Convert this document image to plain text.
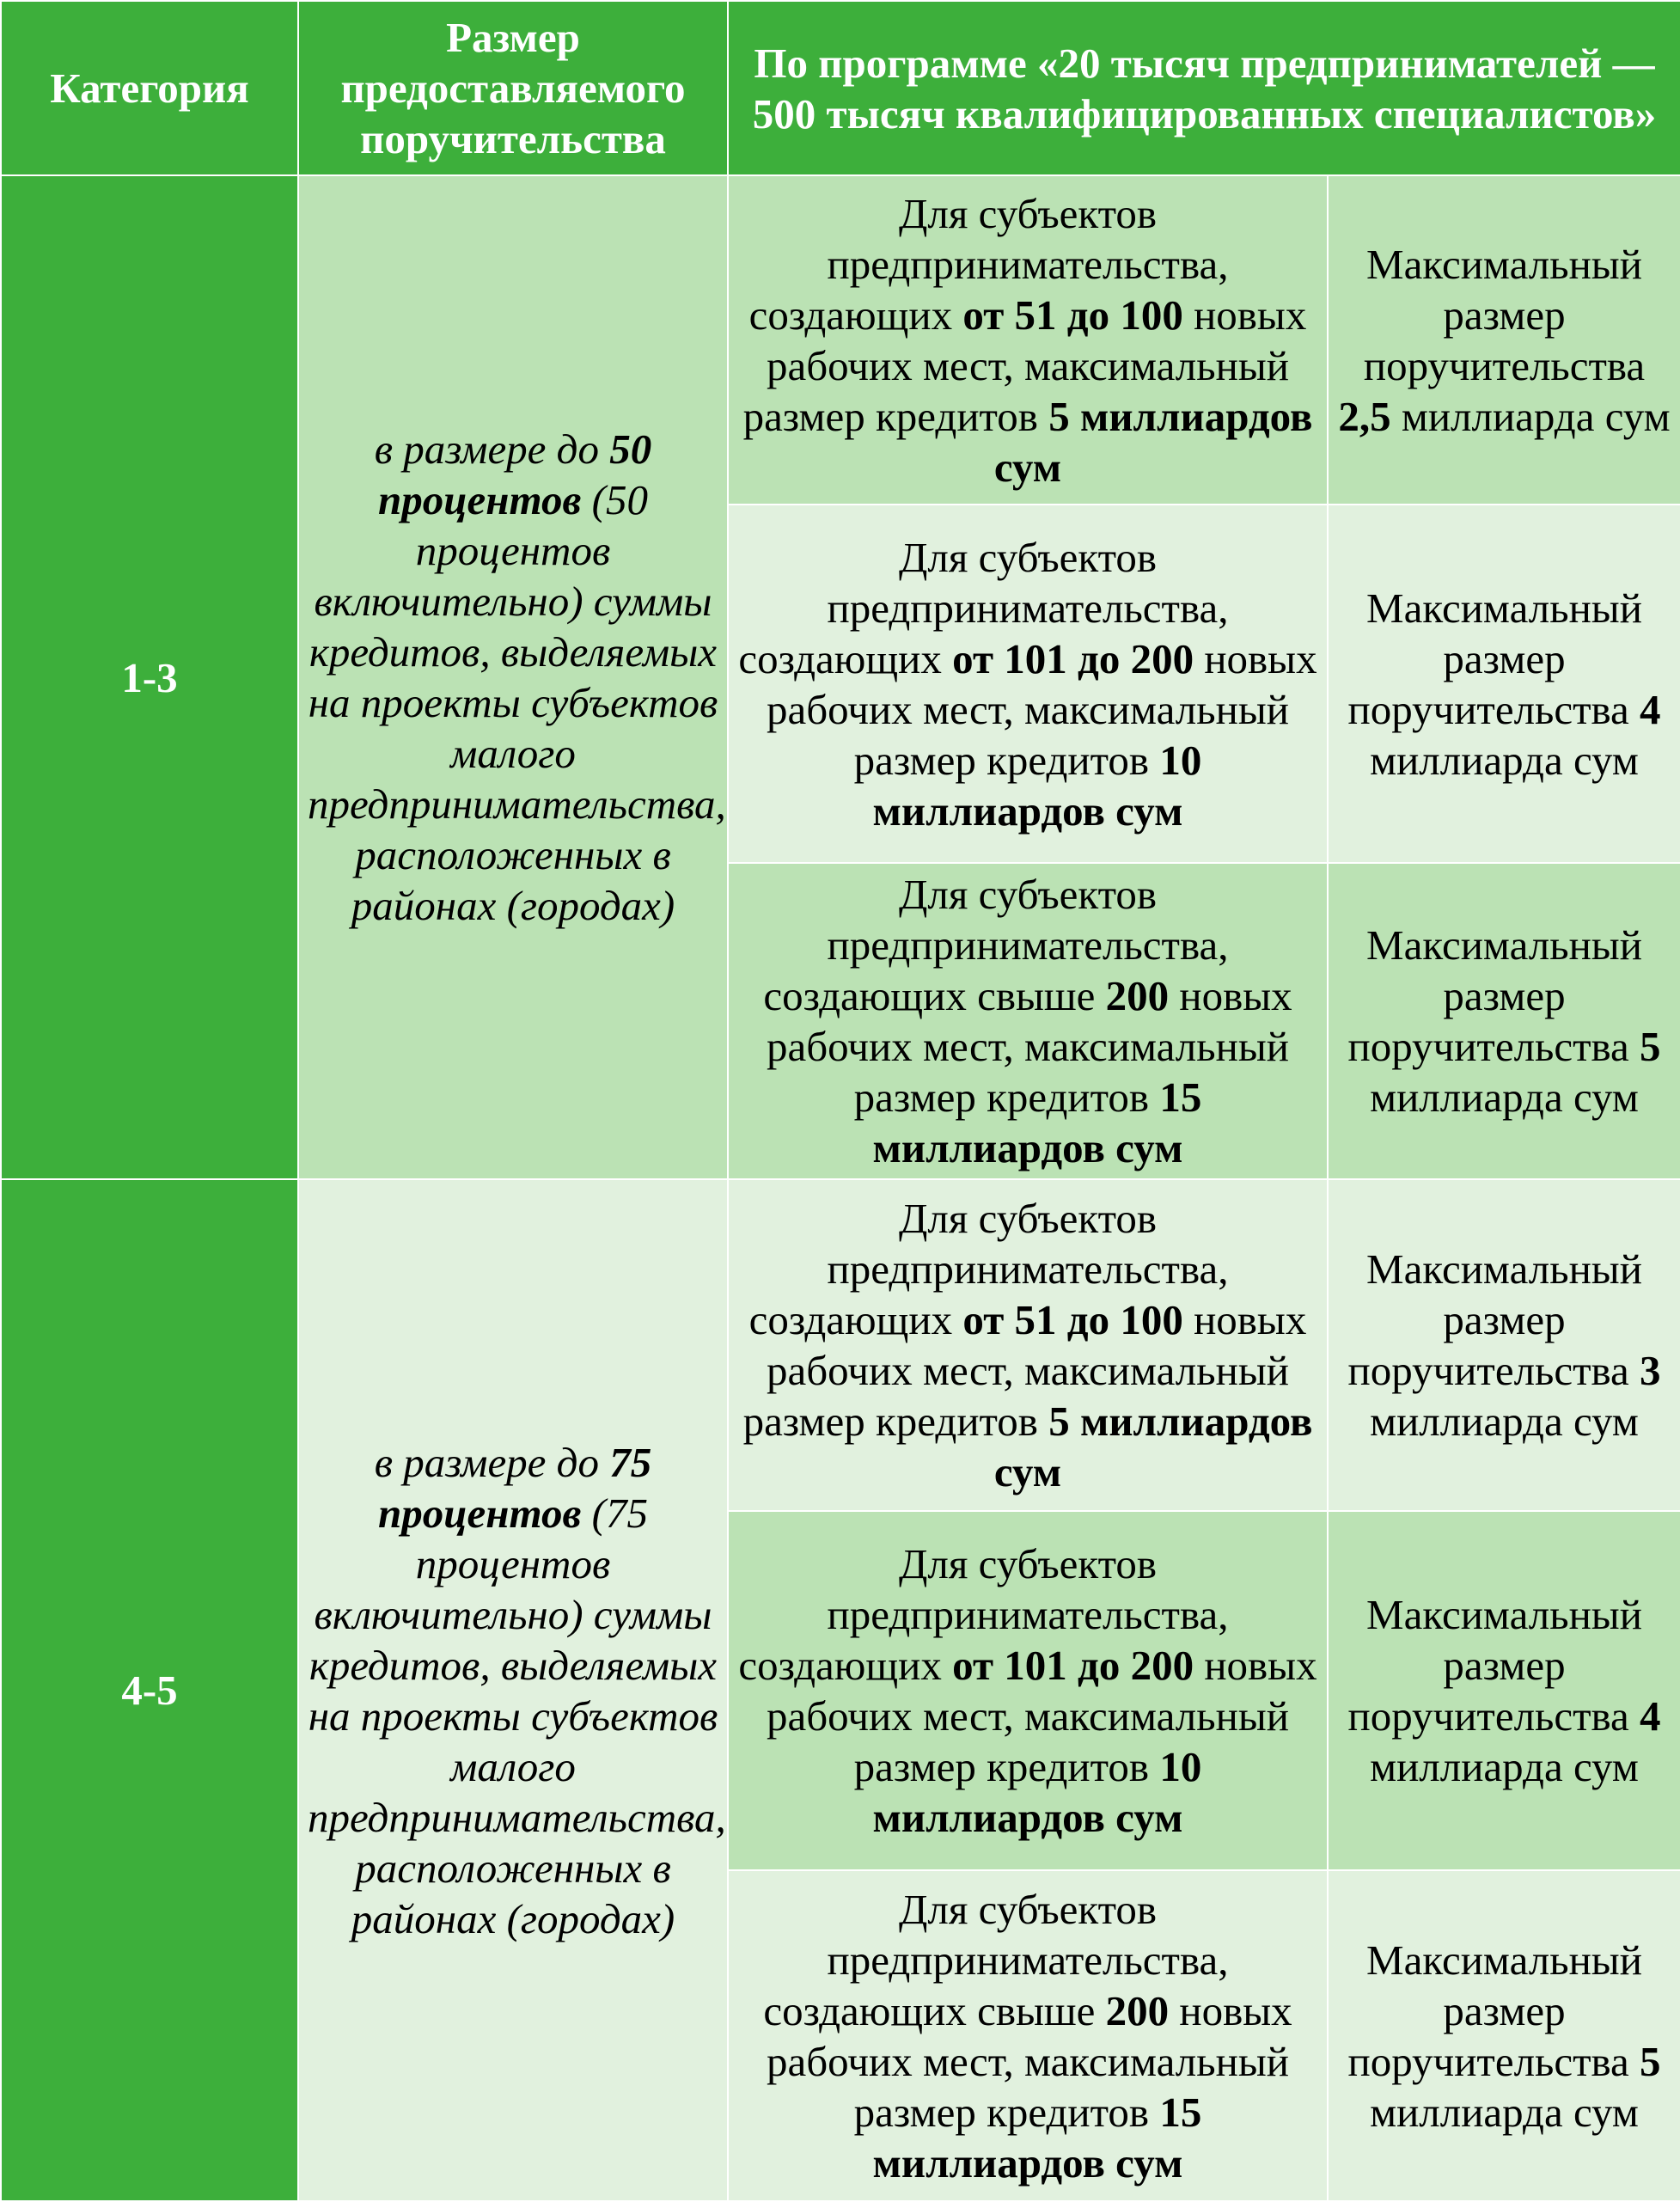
Категория	Размер предоставляемого поручительства	По программе «20 тысяч предпринимателей — 500 тысяч квалифицированных специалистов»	
1-3	в размере до 50 процентов (50 процентов включительно) суммы кредитов, выделяемых на проекты субъектов малого предпринимательства, расположенных в районах (городах)	Для субъектов предпринимательства, создающих от 51 до 100 новых рабочих мест, максимальный размер кредитов 5 миллиардов сум	Максимальный размер поручительства 2,5 миллиарда сум
		Для субъектов предпринимательства, создающих от 101 до 200 новых рабочих мест, максимальный размер кредитов 10 миллиардов сум	Максимальный размер поручительства 4 миллиарда сум
		Для субъектов предпринимательства, создающих свыше 200 новых рабочих мест, максимальный размер кредитов 15 миллиардов сум	Максимальный размер поручительства 5 миллиарда сум
4-5	в размере до 75 процентов (75 процентов включительно) суммы кредитов, выделяемых на проекты субъектов малого предпринимательства, расположенных в районах (городах)	Для субъектов предпринимательства, создающих от 51 до 100 новых рабочих мест, максимальный размер кредитов 5 миллиардов сум	Максимальный размер поручительства 3 миллиарда сум
		Для субъектов предпринимательства, создающих от 101 до 200 новых рабочих мест, максимальный размер кредитов 10 миллиардов сум	Максимальный размер поручительства 4 миллиарда сум
		Для субъектов предпринимательства, создающих свыше 200 новых рабочих мест, максимальный размер кредитов 15 миллиардов сум	Максимальный размер поручительства 5 миллиарда сум
